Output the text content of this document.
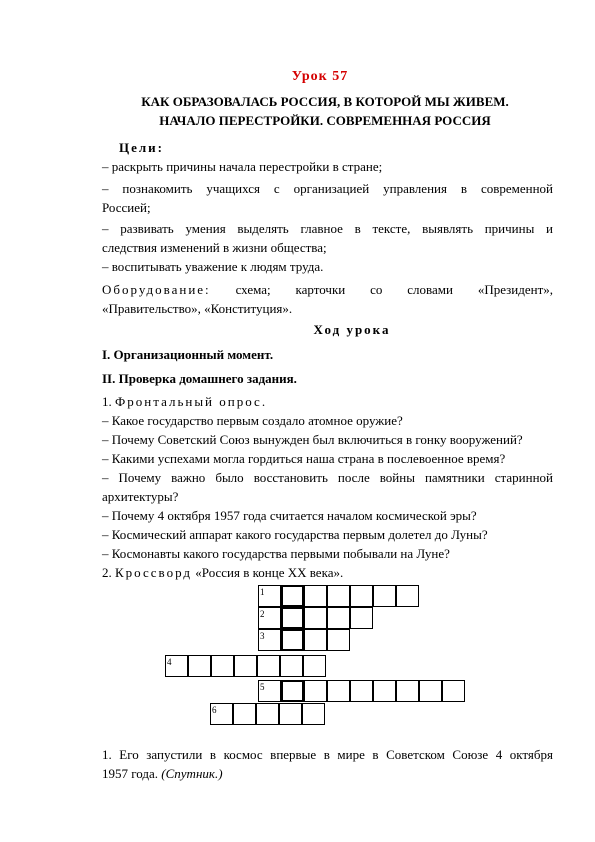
Урок 57
КАК ОБРАЗОВАЛАСЬ РОССИЯ, В КОТОРОЙ МЫ ЖИВЕМ.
НАЧАЛО ПЕРЕСТРОЙКИ. СОВРЕМЕННАЯ РОССИЯ
Цели:
– раскрыть причины начала перестройки в стране;
– познакомить учащихся с организацией управления в современной
Россией;
– развивать умения выделять главное в тексте, выявлять причины и
следствия изменений в жизни общества;
– воспитывать уважение к людям труда.
Оборудование: схема; карточки со словами «Президент»,
«Правительство», «Конституция».
Ход урока
I. Организационный момент.
II. Проверка домашнего задания.
1. Фронтальный опрос.
– Какое государство первым создало атомное оружие?
– Почему Советский Союз вынужден был включиться в гонку вооружений?
– Какими успехами могла гордиться наша страна в послевоенное время?
– Почему важно было восстановить после войны памятники старинной
архитектуры?
– Почему 4 октября 1957 года считается началом космической эры?
– Космический аппарат какого государства первым долетел до Луны?
– Космонавты какого государства первыми побывали на Луне?
2. Кроссворд «Россия в конце XX века».
1
2
3
4
5
6
1. Его запустили в космос впервые в мире в Советском Союзе 4 октября
1957 года. (Спутник.)
